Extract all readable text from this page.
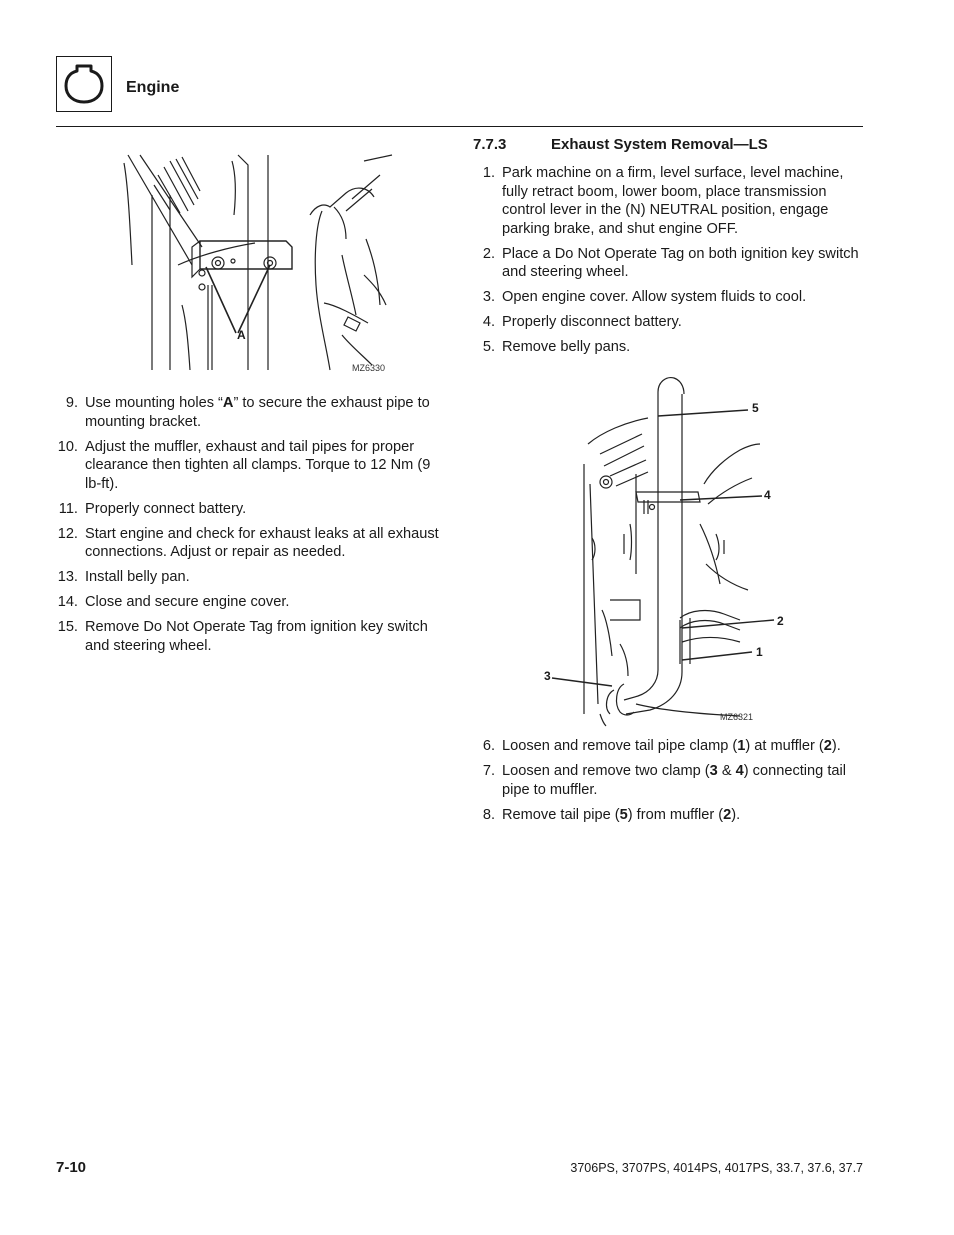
Engine
7.7.3	Exhaust System Removal—LS
A
MZ6330
9. Use mounting holes “A” to secure the exhaust pipe to mounting bracket.
10. Adjust the muffler, exhaust and tail pipes for proper clearance then tighten all clamps. Torque to 12 Nm (9 lb-ft).
11. Properly connect battery.
12. Start engine and check for exhaust leaks at all exhaust connections. Adjust or repair as needed.
13. Install belly pan.
14. Close and secure engine cover.
15. Remove Do Not Operate Tag from ignition key switch and steering wheel.
1. Park machine on a firm, level surface, level machine, fully retract boom, lower boom, place transmission control lever in the (N) NEUTRAL position, engage parking brake, and shut engine OFF.
2. Place a Do Not Operate Tag on both ignition key switch and steering wheel.
3. Open engine cover. Allow system fluids to cool.
4. Properly disconnect battery.
5. Remove belly pans.
5
4
2
1
3
MZ6321
6. Loosen and remove tail pipe clamp (1) at muffler (2).
7. Loosen and remove two clamp (3 & 4) connecting tail pipe to muffler.
8. Remove tail pipe (5) from muffler (2).
7-10	3706PS, 3707PS, 4014PS, 4017PS, 33.7, 37.6, 37.7
